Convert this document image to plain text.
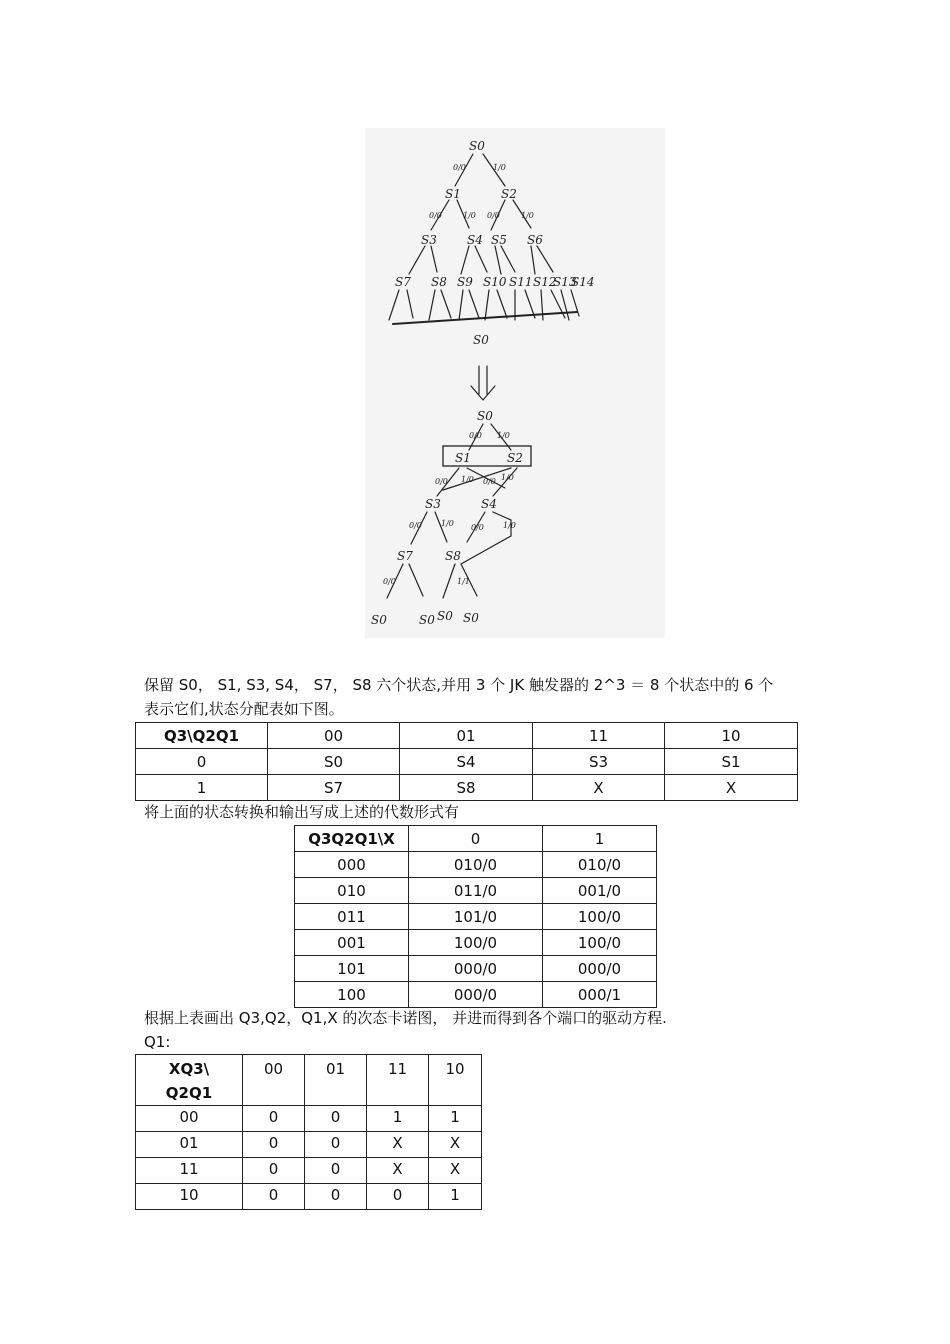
S0
S1	S2
S3	S4 S5 S6
S7 S8 S9 S10 S11 S12
S13
S14
S0
0/0	1/0
0/0	1/0 0/0	1/0
S0
S1	S2
S3	S4
S7	S8
S0	S0 S0 S0
0/0 1/0
0/0 1/0 0/0 1/0
0/0 1/0 0/0 1/0
0/0	1/1
保留 S0， S1, S3, S4， S7， S8 六个状态,并用 3 个 JK 触发器的 2^3 ＝ 8 个状态中的 6 个
表示它们,状态分配表如下图。
Q3\Q2Q1	00	01	11	10
0	S0	S4	S3	S1
1	S7	S8	X	X
将上面的状态转换和输出写成上述的代数形式有
Q3Q2Q1\X	0	1
000	010/0	010/0
010	011/0	001/0
011	101/0	100/0
001	100/0	100/0
101	000/0	000/0
100	000/0	000/1
根据上表画出 Q3,Q2，Q1,X 的次态卡诺图， 并进而得到各个端口的驱动方程.
Q1:
XQ3\
Q2Q1	00	01	11	10
00	0	0	1	1
01	0	0	X	X
11	0	0	X	X
10	0	0	0	1
